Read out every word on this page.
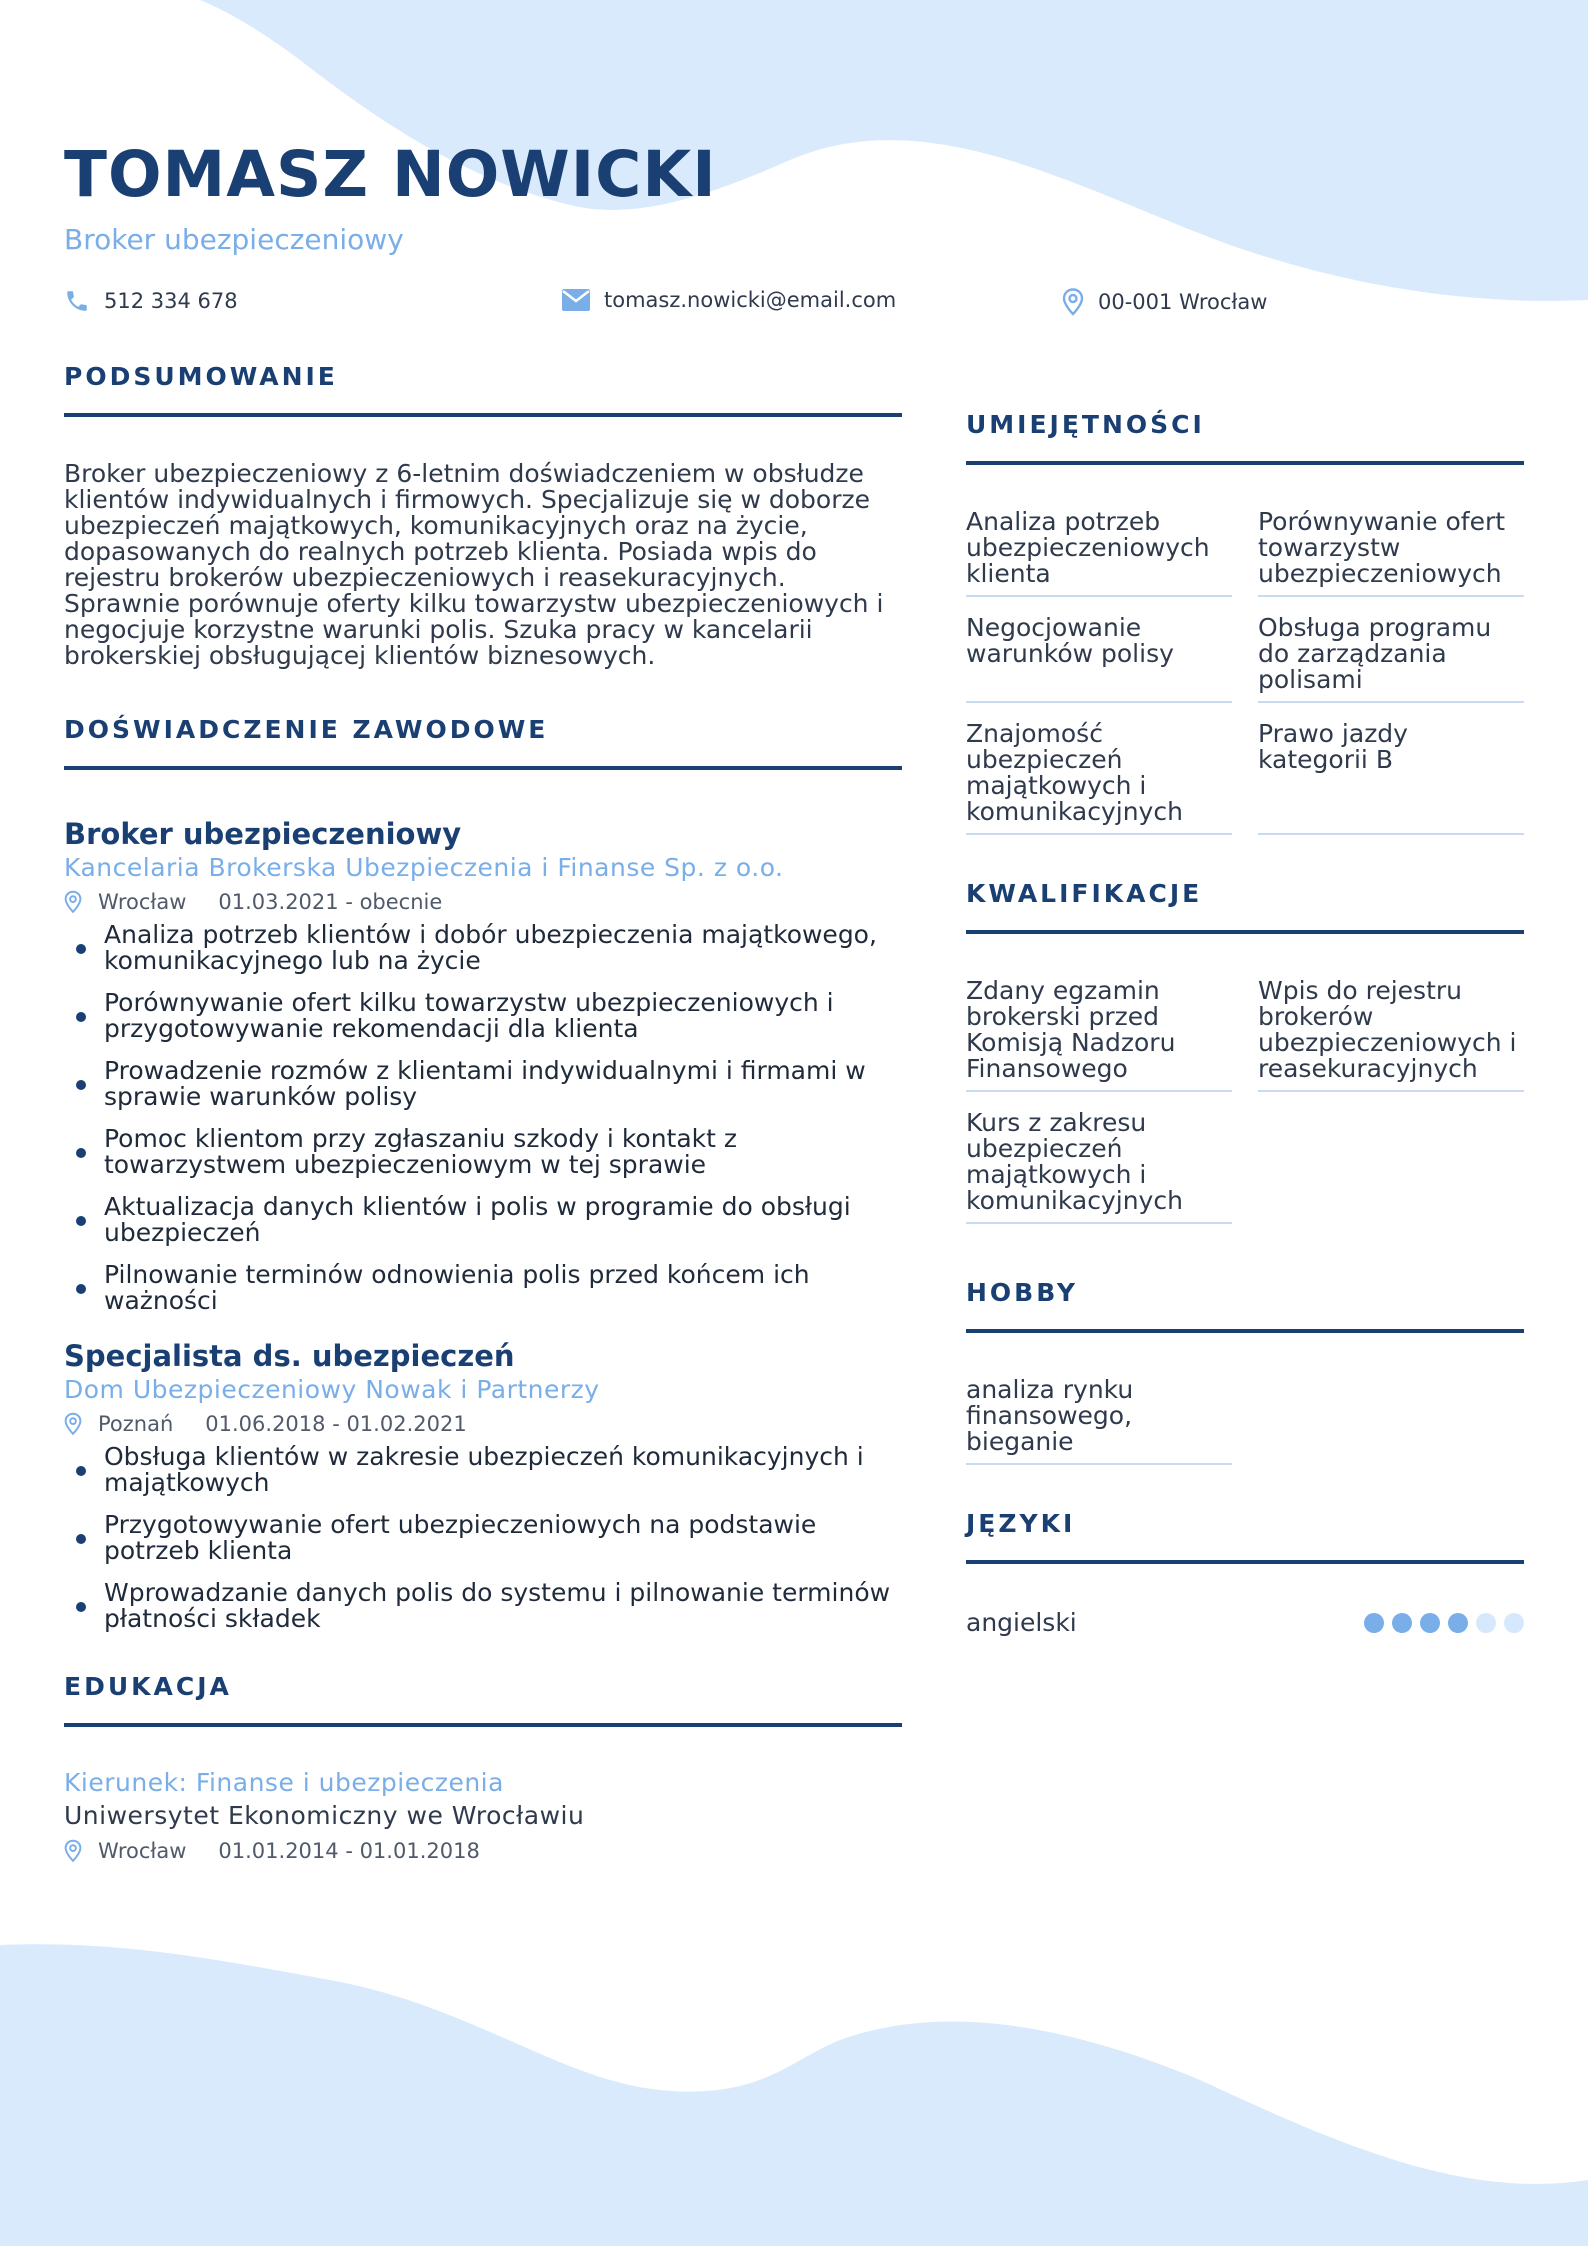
TOMASZ NOWICKI
Broker ubezpieczeniowy
512 334 678	tomasz.nowicki@email.com	00-001 Wrocław
PODSUMOWANIE

Broker ubezpieczeniowy z 6-letnim doświadczeniem w obsłudze klientów indywidualnych i firmowych. Specjalizuje się w doborze ubezpieczeń majątkowych, komunikacyjnych oraz na życie, dopasowanych do realnych potrzeb klienta. Posiada wpis do rejestru brokerów ubezpieczeniowych i reasekuracyjnych. Sprawnie porównuje oferty kilku towarzystw ubezpieczeniowych i negocjuje korzystne warunki polis. Szuka pracy w kancelarii brokerskiej obsługującej klientów biznesowych.

DOŚWIADCZENIE ZAWODOWE
Broker ubezpieczeniowy
Kancelaria Brokerska Ubezpieczenia i Finanse Sp. z o.o.
Wrocław 01.03.2021 - obecnie
Analiza potrzeb klientów i dobór ubezpieczenia majątkowego, komunikacyjnego lub na życie
Porównywanie ofert kilku towarzystw ubezpieczeniowych i przygotowywanie rekomendacji dla klienta
Prowadzenie rozmów z klientami indywidualnymi i firmami w sprawie warunków polisy
Pomoc klientom przy zgłaszaniu szkody i kontakt z towarzystwem ubezpieczeniowym w tej sprawie
Aktualizacja danych klientów i polis w programie do obsługi ubezpieczeń
Pilnowanie terminów odnowienia polis przed końcem ich ważności
Specjalista ds. ubezpieczeń
Dom Ubezpieczeniowy Nowak i Partnerzy
Poznań 01.06.2018 - 01.02.2021
Obsługa klientów w zakresie ubezpieczeń komunikacyjnych i majątkowych
Przygotowywanie ofert ubezpieczeniowych na podstawie potrzeb klienta
Wprowadzanie danych polis do systemu i pilnowanie terminów płatności składek
EDUKACJA
Kierunek: Finanse i ubezpieczenia
Uniwersytet Ekonomiczny we Wrocławiu
Wrocław 01.01.2014 - 01.01.2018
UMIEJĘTNOŚCI
Analiza potrzeb ubezpieczeniowych klienta
Porównywanie ofert towarzystw ubezpieczeniowych
Negocjowanie warunków polisy
Obsługa programu do zarządzania polisami
Znajomość ubezpieczeń majątkowych i komunikacyjnych
Prawo jazdy kategorii B
KWALIFIKACJE
Zdany egzamin brokerski przed Komisją Nadzoru Finansowego
Wpis do rejestru brokerów ubezpieczeniowych i reasekuracyjnych
Kurs z zakresu ubezpieczeń majątkowych i komunikacyjnych
HOBBY
analiza rynku finansowego, bieganie
JĘZYKI
angielski
